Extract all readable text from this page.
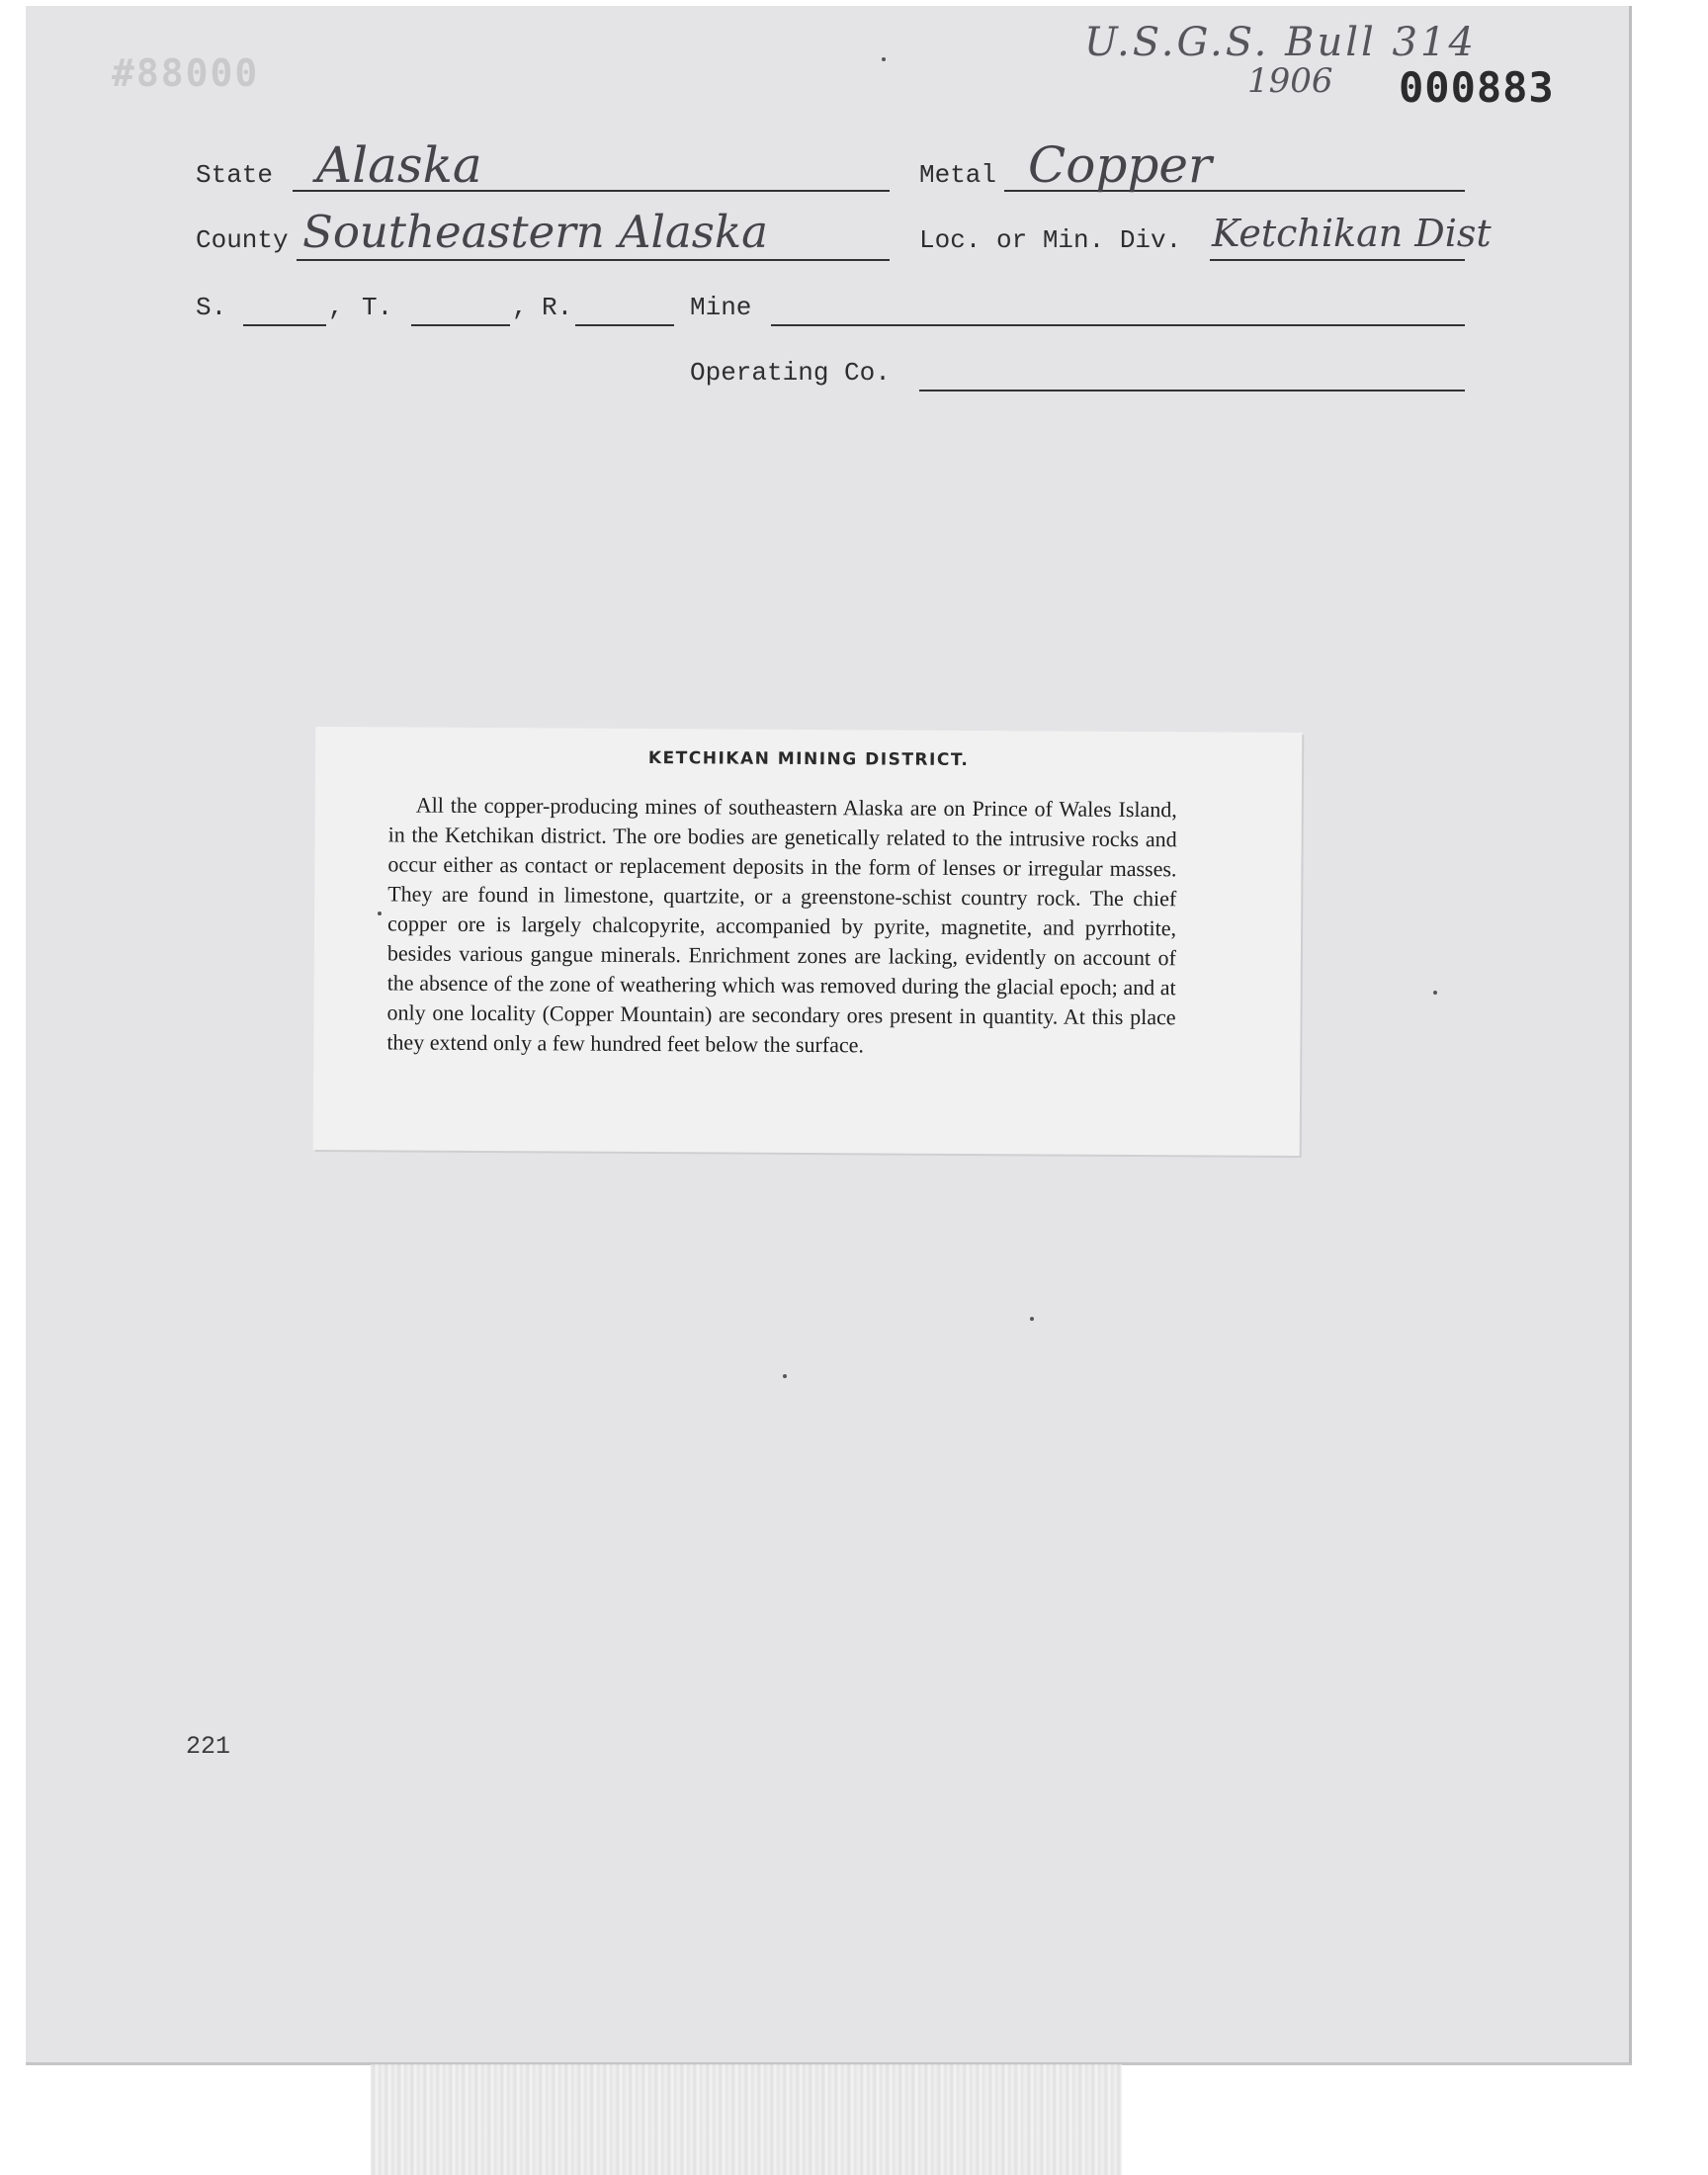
#88000
U.S.G.S. Bull 314
1906 000883
State Alaska	Metal Copper
County Southeastern Alaska	Loc. or Min. Div. Ketchikan Dist
S.	, T.	, R.	Mine
Operating Co.
KETCHIKAN MINING DISTRICT.

All the copper-producing mines of southeastern Alaska are on Prince of Wales Island, in the Ketchikan district. The ore bodies are genetically related to the intrusive rocks and occur either as contact or replacement deposits in the form of lenses or irregular masses. They are found in limestone, quartzite, or a greenstone-schist country rock. The chief copper ore is largely chalcopyrite, accompanied by pyrite, magnetite, and pyrrhotite, besides various gangue minerals. Enrichment zones are lacking, evidently on account of the absence of the zone of weathering which was removed during the glacial epoch; and at only one locality (Copper Mountain) are secondary ores present in quantity. At this place they extend only a few hundred feet below the surface.

221
